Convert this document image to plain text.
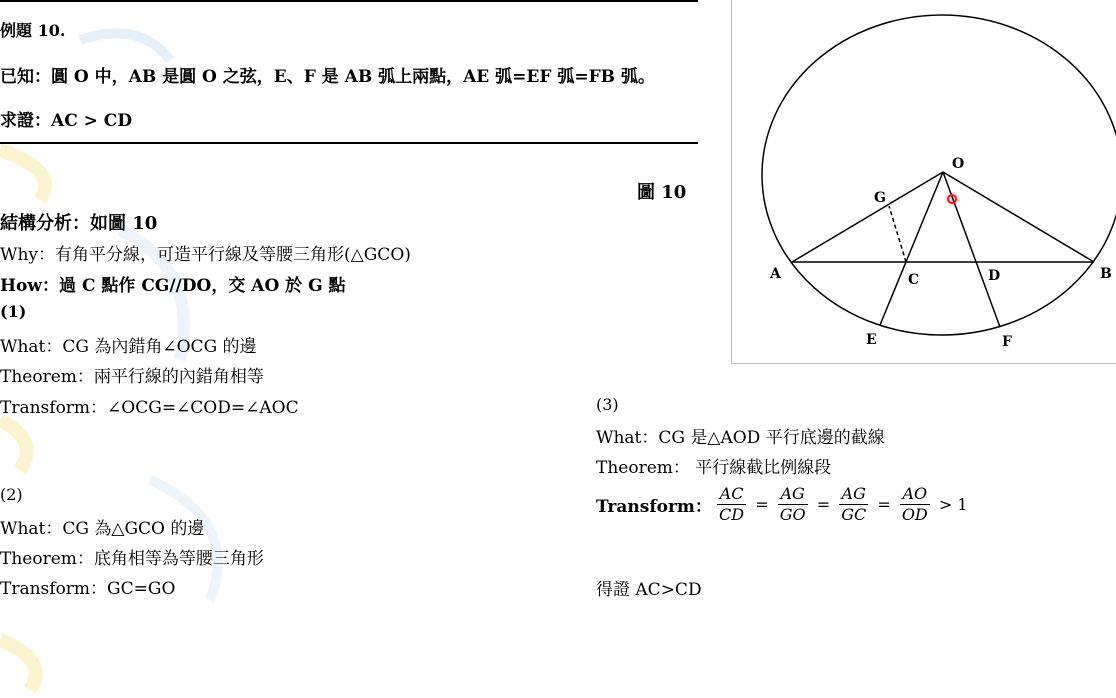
例題 10.
已知：圓 O 中，AB 是圓 O 之弦，E、F 是 AB 弧上兩點，AE 弧=EF 弧=FB 弧。
求證：AC > CD
圖 10
結構分析：如圖 10
Why：有角平分線，可造平行線及等腰三角形(△GCO)
How：過 C 點作 CG//DO，交 AO 於 G 點
(1)
What：CG 為內錯角∠OCG 的邊
Theorem：兩平行線的內錯角相等
Transform：∠OCG=∠COD=∠AOC
(2)
What：CG 為△GCO 的邊
Theorem：底角相等為等腰三角形
Transform：GC=GO
(3)
What：CG 是△AOD 平行底邊的截線
Theorem： 平行線截比例線段
Transform： $\frac{AC}{CD} = \frac{AG}{GO} = \frac{AG}{GC} = \frac{AO}{OD} > 1$
得證 AC>CD
O
G
A	C	D	B
E	F
